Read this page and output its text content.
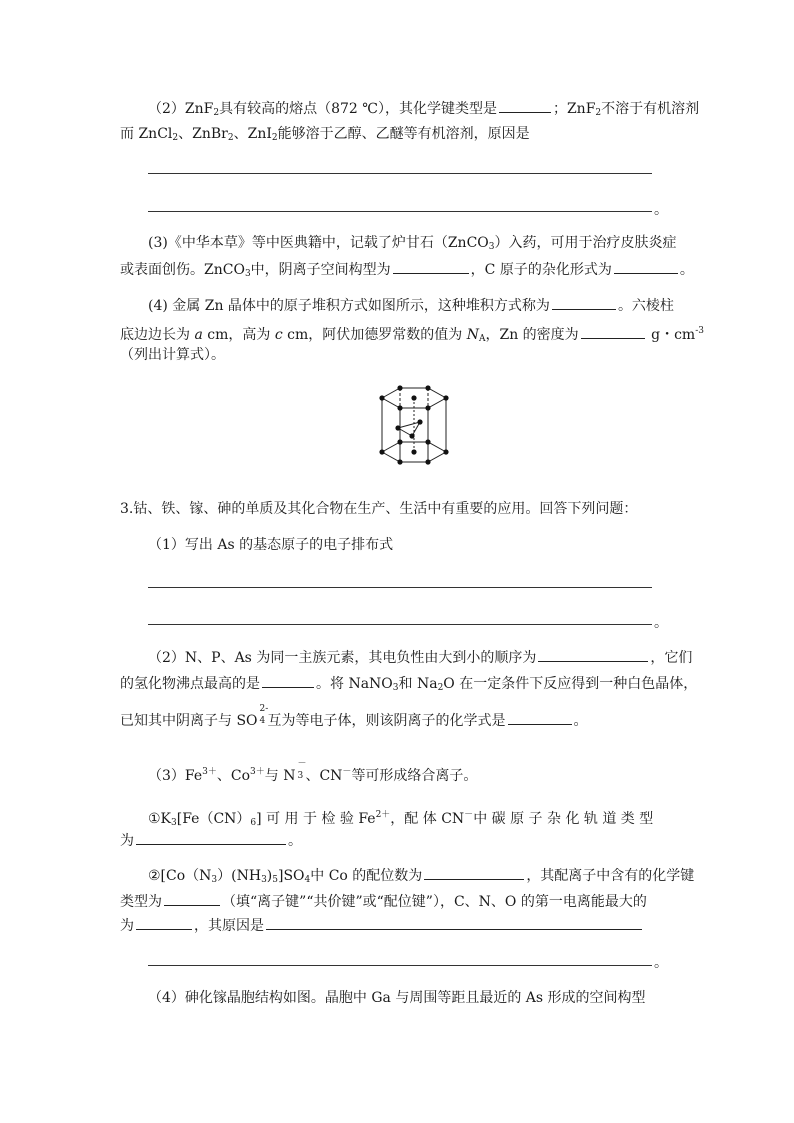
（2）ZnF$_2$具有较高的熔点（872 ℃），其化学键类型是	；ZnF$_2$不溶于有机溶剂
而 ZnCl$_2$、ZnBr$_2$、ZnI$_2$能够溶于乙醇、乙醚等有机溶剂，原因是
。
(3)《中华本草》等中医典籍中，记载了炉甘石（ZnCO$_3$）入药，可用于治疗皮肤炎症
或表面创伤。ZnCO$_3$中，阴离子空间构型为	，C 原子的杂化形式为	。
(4) 金属 Zn 晶体中的原子堆积方式如图所示，这种堆积方式称为	。六棱柱
底边边长为 a cm，高为 c cm，阿伏加德罗常数的值为 $N_A$，Zn 的密度为	g・$cm^{-3}$
（列出计算式）。
3.钴、铁、镓、砷的单质及其化合物在生产、生活中有重要的应用。回答下列问题：
（1）写出 As 的基态原子的电子排布式
。
（2）N、P、As 为同一主族元素，其电负性由大到小的顺序为	，它们
的氢化物沸点最高的是	。将 NaNO$_3$和 $Na_2O$ 在一定条件下反应得到一种白色晶体，
已知其中阴离子与 SO
2-
4 互为等电子体，则该阴离子的化学式是	。
$(3)Fe^{3+}$、$Co^{3+}$与 N
－
3 、CN－等可形成络合离子。
$①K_3[Fe(CN)_6]$ 可 用 于 检 验 $Fe^{2+}$，配 体 CN－中 碳 原 子 杂 化 轨 道 类 型
为	。
$②[Co(N_3)(NH_3)_5]SO_4$中 Co 的配位数为	，其配离子中含有的化学键
类型为	（填“离子键”“共价键”或“配位键”），C、N、O 的第一电离能最大的
为	，其原因是
。
（4）砷化镓晶胞结构如图。晶胞中 Ga 与周围等距且最近的 As 形成的空间构型
